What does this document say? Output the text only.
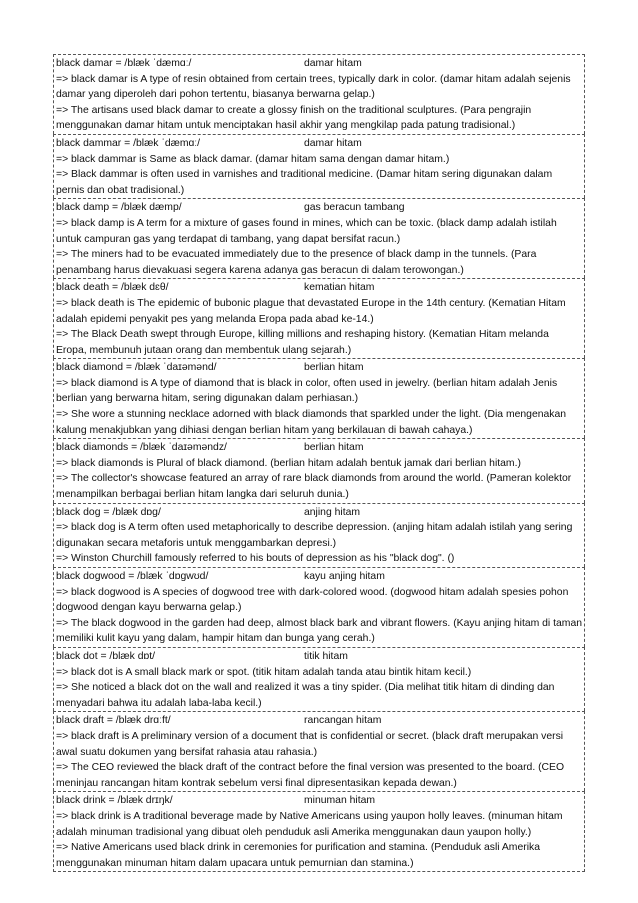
black damar = /blæk ˈdæmɑː/	damar hitam
=> black damar is A type of resin obtained from certain trees, typically dark in color. (damar hitam adalah sejenis damar yang diperoleh dari pohon tertentu, biasanya berwarna gelap.)
=> The artisans used black damar to create a glossy finish on the traditional sculptures. (Para pengrajin menggunakan damar hitam untuk menciptakan hasil akhir yang mengkilap pada patung tradisional.)
black dammar = /blæk ˈdæmɑː/	damar hitam
=> black dammar is Same as black damar. (damar hitam sama dengan damar hitam.)
=> Black dammar is often used in varnishes and traditional medicine. (Damar hitam sering digunakan dalam pernis dan obat tradisional.)
black damp = /blæk dæmp/	gas beracun tambang
=> black damp is A term for a mixture of gases found in mines, which can be toxic. (black damp adalah istilah untuk campuran gas yang terdapat di tambang, yang dapat bersifat racun.)
=> The miners had to be evacuated immediately due to the presence of black damp in the tunnels. (Para penambang harus dievakuasi segera karena adanya gas beracun di dalam terowongan.)
black death = /blæk dɛθ/	kematian hitam
=> black death is The epidemic of bubonic plague that devastated Europe in the 14th century. (Kematian Hitam adalah epidemi penyakit pes yang melanda Eropa pada abad ke-14.)
=> The Black Death swept through Europe, killing millions and reshaping history. (Kematian Hitam melanda Eropa, membunuh jutaan orang dan membentuk ulang sejarah.)
black diamond = /blæk ˈdaɪəmənd/	berlian hitam
=> black diamond is A type of diamond that is black in color, often used in jewelry. (berlian hitam adalah Jenis berlian yang berwarna hitam, sering digunakan dalam perhiasan.)
=> She wore a stunning necklace adorned with black diamonds that sparkled under the light. (Dia mengenakan kalung menakjubkan yang dihiasi dengan berlian hitam yang berkilauan di bawah cahaya.)
black diamonds = /blæk ˈdaɪəməndz/	berlian hitam
=> black diamonds is Plural of black diamond. (berlian hitam adalah bentuk jamak dari berlian hitam.)
=> The collector's showcase featured an array of rare black diamonds from around the world. (Pameran kolektor menampilkan berbagai berlian hitam langka dari seluruh dunia.)
black dog = /blæk dɒɡ/	anjing hitam
=> black dog is A term often used metaphorically to describe depression. (anjing hitam adalah istilah yang sering digunakan secara metaforis untuk menggambarkan depresi.)
=> Winston Churchill famously referred to his bouts of depression as his "black dog". ()
black dogwood = /blæk ˈdɒɡwʊd/	kayu anjing hitam
=> black dogwood is A species of dogwood tree with dark-colored wood. (dogwood hitam adalah spesies pohon dogwood dengan kayu berwarna gelap.)
=> The black dogwood in the garden had deep, almost black bark and vibrant flowers. (Kayu anjing hitam di taman memiliki kulit kayu yang dalam, hampir hitam dan bunga yang cerah.)
black dot = /blæk dɒt/	titik hitam
=> black dot is A small black mark or spot. (titik hitam adalah tanda atau bintik hitam kecil.)
=> She noticed a black dot on the wall and realized it was a tiny spider. (Dia melihat titik hitam di dinding dan menyadari bahwa itu adalah laba-laba kecil.)
black draft = /blæk drɑːft/	rancangan hitam
=> black draft is A preliminary version of a document that is confidential or secret. (black draft merupakan versi awal suatu dokumen yang bersifat rahasia atau rahasia.)
=> The CEO reviewed the black draft of the contract before the final version was presented to the board. (CEO meninjau rancangan hitam kontrak sebelum versi final dipresentasikan kepada dewan.)
black drink = /blæk drɪŋk/	minuman hitam
=> black drink is A traditional beverage made by Native Americans using yaupon holly leaves. (minuman hitam adalah minuman tradisional yang dibuat oleh penduduk asli Amerika menggunakan daun yaupon holly.)
=> Native Americans used black drink in ceremonies for purification and stamina. (Penduduk asli Amerika menggunakan minuman hitam dalam upacara untuk pemurnian dan stamina.)
